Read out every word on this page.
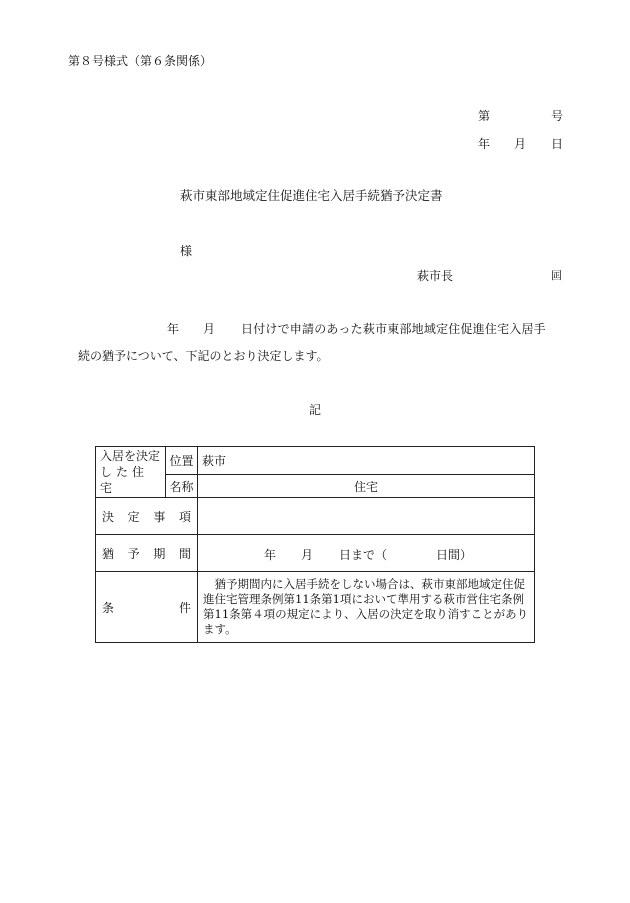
第８号様式（第６条関係）
第	号
年 月 日
萩市東部地域定住促進住宅入居手続猶予決定書
様
萩市長	囸
年 月 日付けで申請のあった萩市東部地域定住促進住宅入居手
続の猶予について、下記のとおり決定します。
記
入居を決定
した住宅	位置	萩市
	名称	住宅

決 定 事 項		

猶 予 期 間		年 月 日まで（ 日間）

条 件		猶予期間内に入居手続をしない場合は、萩市東部地域定住促進住宅管理条例第11条第1項において準用する萩市営住宅条例第11条第４項の規定により、入居の決定を取り消すことがあります。
